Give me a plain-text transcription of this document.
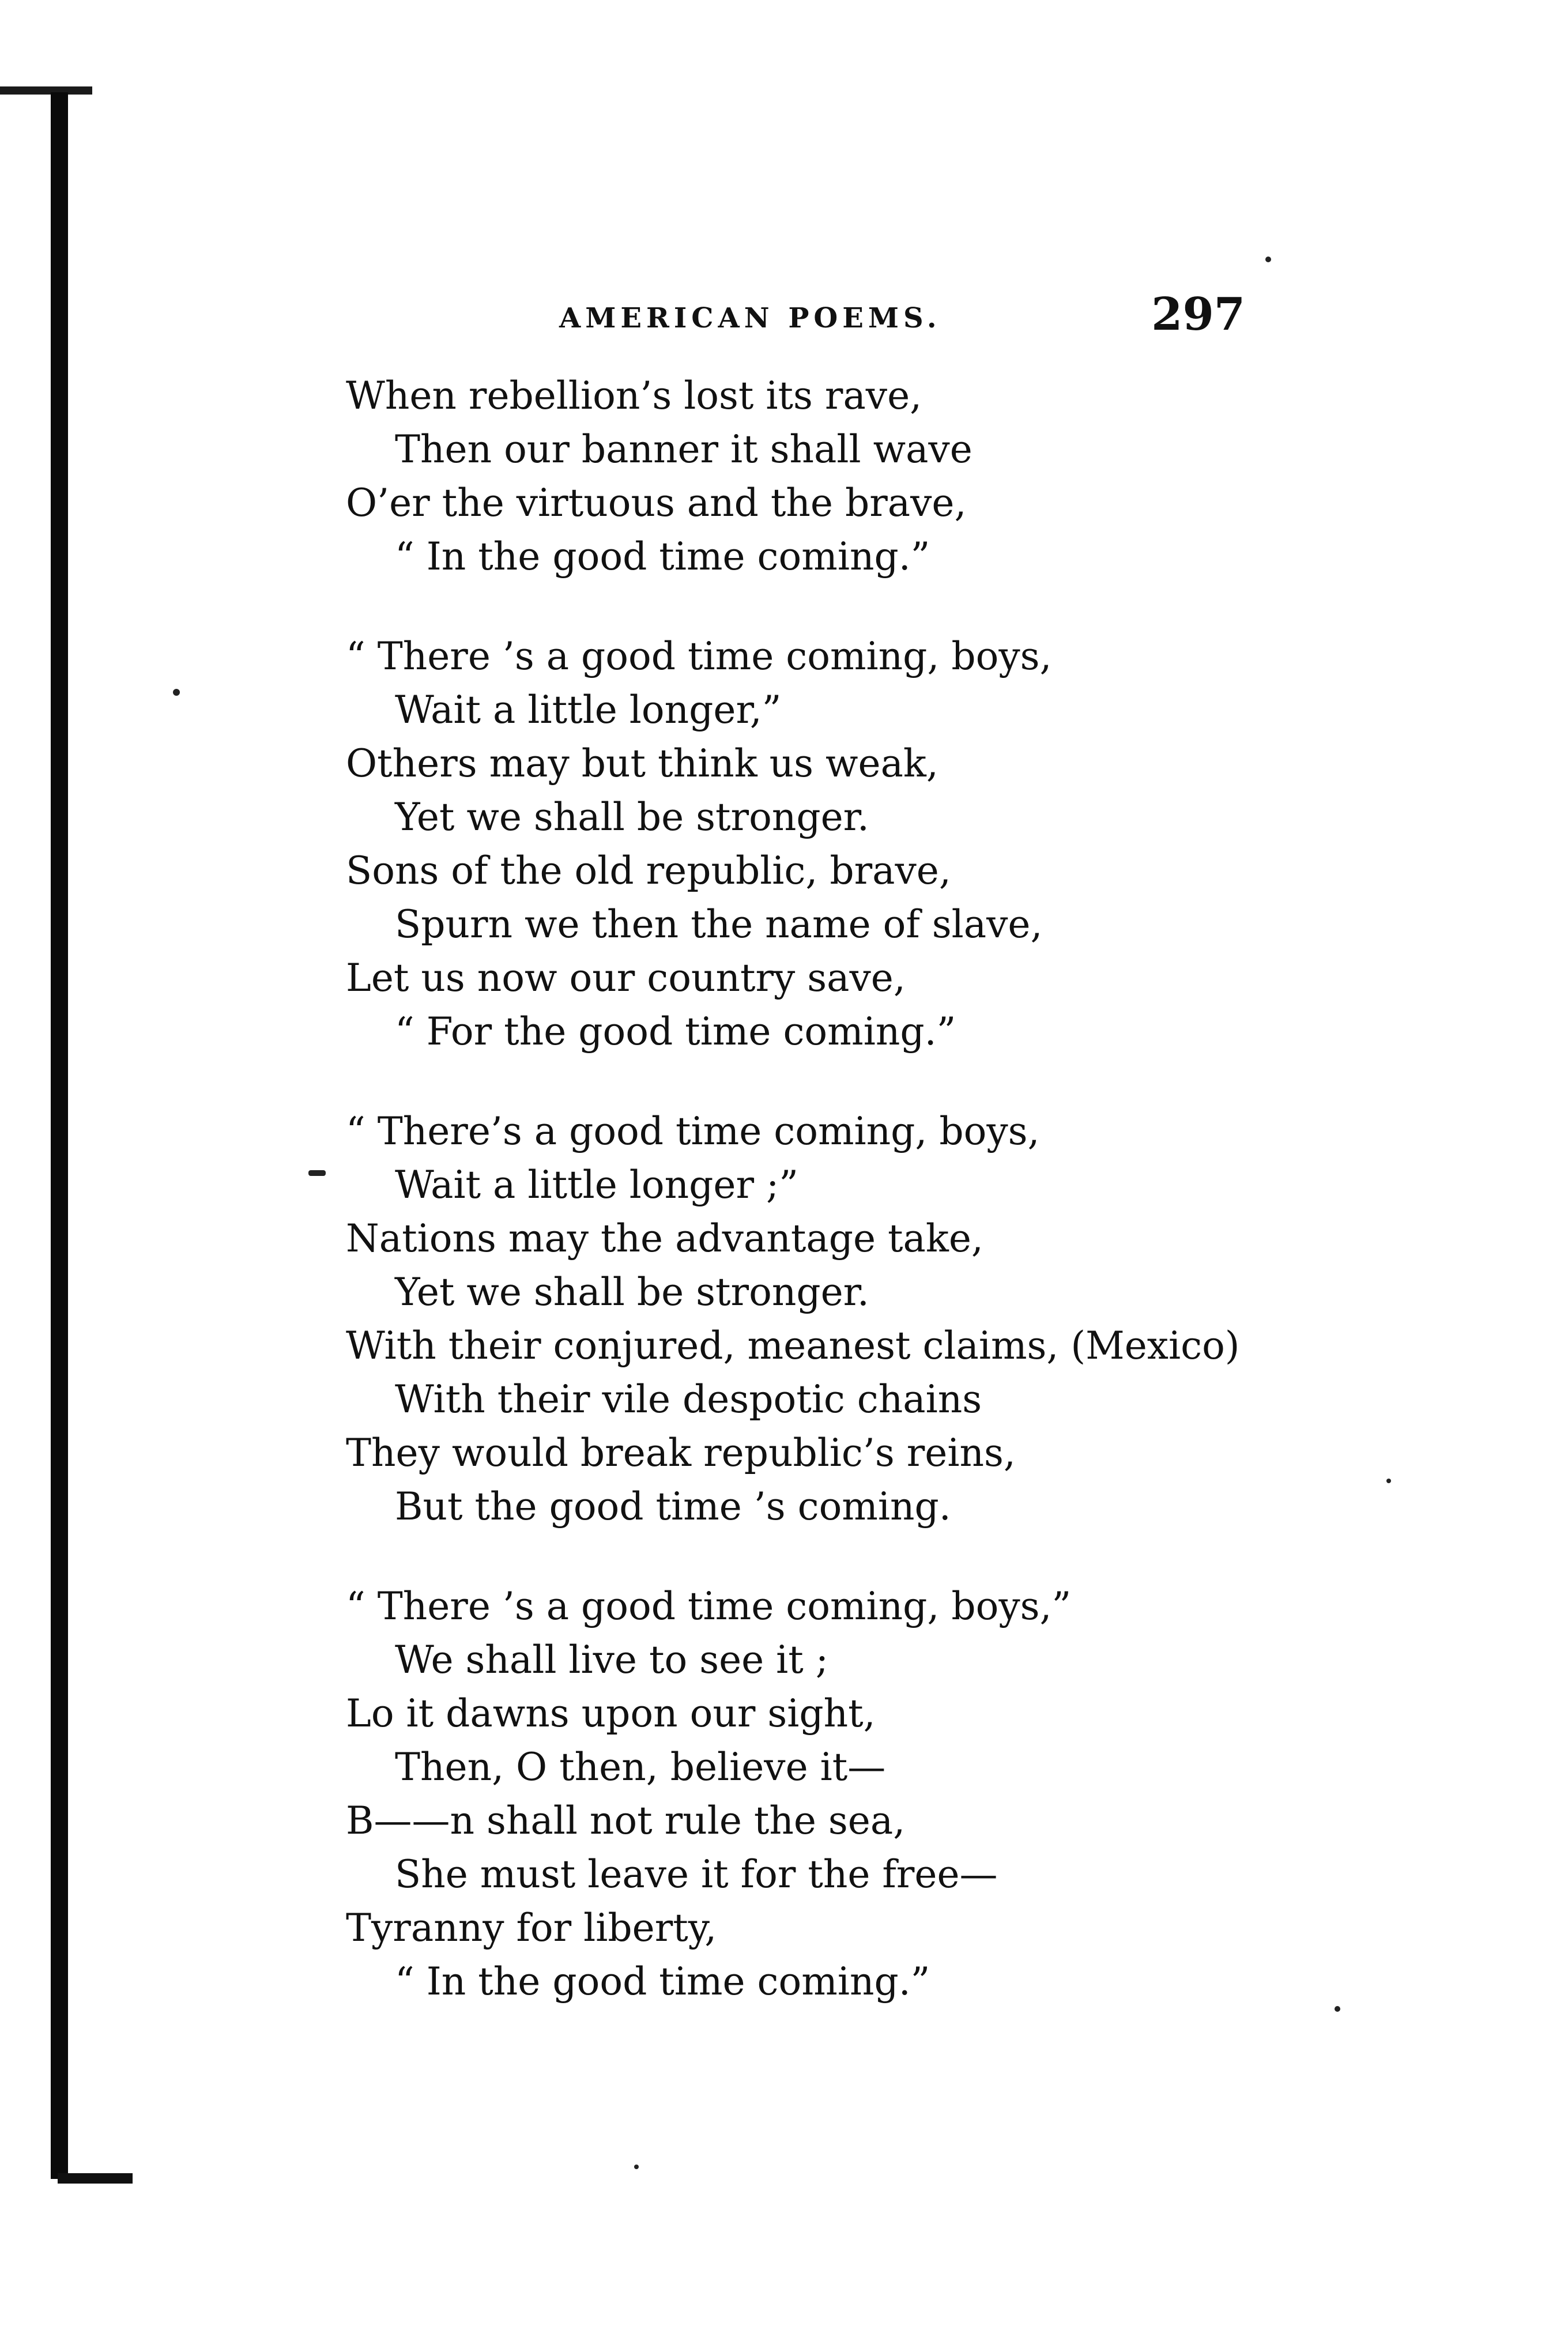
AMERICAN POEMS.	297
When rebellion’s lost its rave,
Then our banner it shall wave
O’er the virtuous and the brave,
“ In the good time coming.”
“ There ’s a good time coming, boys,
Wait a little longer,”
Others may but think us weak,
Yet we shall be stronger.
Sons of the old republic, brave,
Spurn we then the name of slave,
Let us now our country save,
“ For the good time coming.”
“ There’s a good time coming, boys,
Wait a little longer ;”
Nations may the advantage take,
Yet we shall be stronger.
With their conjured, meanest claims, (Mexico)
With their vile despotic chains
They would break republic’s reins,
But the good time ’s coming.
“ There ’s a good time coming, boys,”
We shall live to see it ;
Lo it dawns upon our sight,
Then, O then, believe it—
B——n shall not rule the sea,
She must leave it for the free—
Tyranny for liberty,
“ In the good time coming.”
